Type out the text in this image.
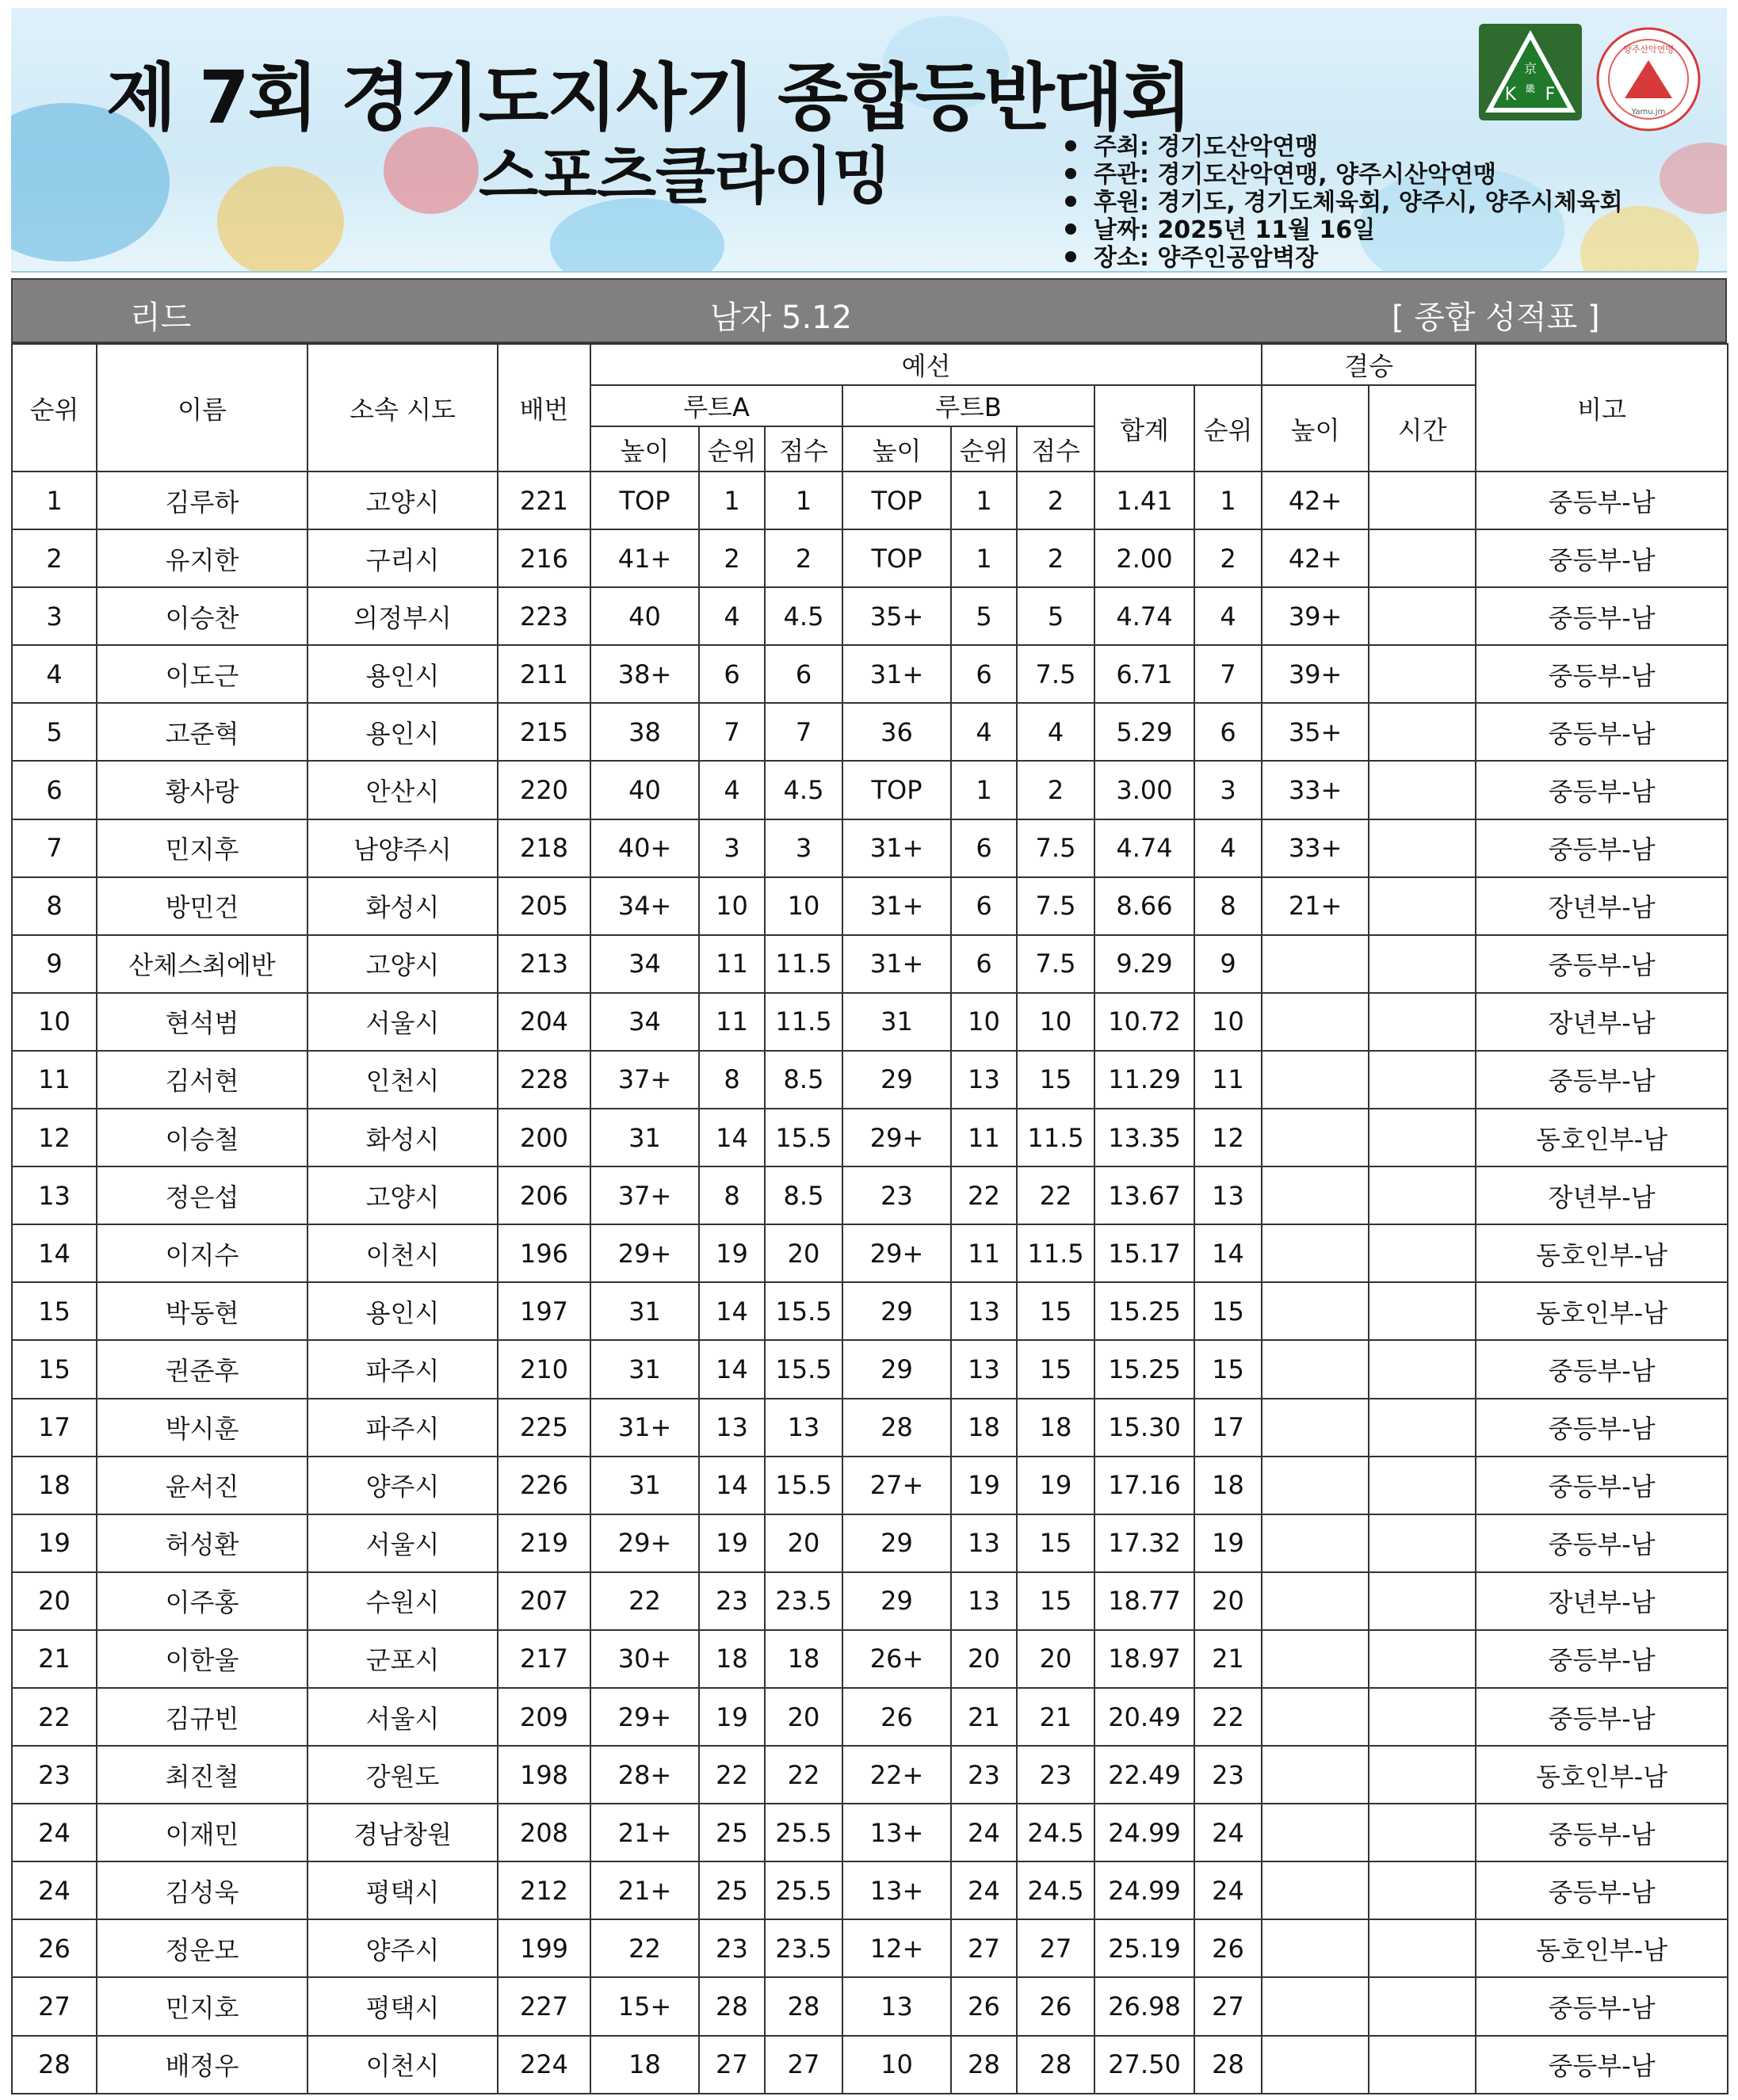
제 7회 경기도지사기 종합등반대회
스포츠클라이밍	주최: 경기도산악연맹
주관: 경기도산악연맹, 양주시산악연맹
후원: 경기도, 경기도체육회, 양주시, 양주시체육회
날짜: 2025년 11월 16일
장소: 양주인공암벽장
京
K 畿 F
양주산악연맹
Yamu.jm
리드	남자 5.12	[ 종합 성적표 ]
순위	이름	소속 시도	배번	예선								결승		비고
				루트A			루트B			합계	순위	높이	시간	
				높이	순위	점수	높이	순위	점수					
1	김루하	고양시	221	TOP	1	1	TOP	1	2	1.41	1	42+		중등부-남
2	유지한	구리시	216	41+	2	2	TOP	1	2	2.00	2	42+		중등부-남
3	이승찬	의정부시	223	40	4	4.5	35+	5	5	4.74	4	39+		중등부-남
4	이도근	용인시	211	38+	6	6	31+	6	7.5	6.71	7	39+		중등부-남
5	고준혁	용인시	215	38	7	7	36	4	4	5.29	6	35+		중등부-남
6	황사랑	안산시	220	40	4	4.5	TOP	1	2	3.00	3	33+		중등부-남
7	민지후	남양주시	218	40+	3	3	31+	6	7.5	4.74	4	33+		중등부-남
8	방민건	화성시	205	34+	10	10	31+	6	7.5	8.66	8	21+		장년부-남
9	산체스최에반	고양시	213	34	11	11.5	31+	6	7.5	9.29	9			중등부-남
10	현석범	서울시	204	34	11	11.5	31	10	10	10.72	10			장년부-남
11	김서현	인천시	228	37+	8	8.5	29	13	15	11.29	11			중등부-남
12	이승철	화성시	200	31	14	15.5	29+	11	11.5	13.35	12			동호인부-남
13	정은섭	고양시	206	37+	8	8.5	23	22	22	13.67	13			장년부-남
14	이지수	이천시	196	29+	19	20	29+	11	11.5	15.17	14			동호인부-남
15	박동현	용인시	197	31	14	15.5	29	13	15	15.25	15			동호인부-남
15	권준후	파주시	210	31	14	15.5	29	13	15	15.25	15			중등부-남
17	박시훈	파주시	225	31+	13	13	28	18	18	15.30	17			중등부-남
18	윤서진	양주시	226	31	14	15.5	27+	19	19	17.16	18			중등부-남
19	허성환	서울시	219	29+	19	20	29	13	15	17.32	19			중등부-남
20	이주홍	수원시	207	22	23	23.5	29	13	15	18.77	20			장년부-남
21	이한울	군포시	217	30+	18	18	26+	20	20	18.97	21			중등부-남
22	김규빈	서울시	209	29+	19	20	26	21	21	20.49	22			중등부-남
23	최진철	강원도	198	28+	22	22	22+	23	23	22.49	23			동호인부-남
24	이재민	경남창원	208	21+	25	25.5	13+	24	24.5	24.99	24			중등부-남
24	김성욱	평택시	212	21+	25	25.5	13+	24	24.5	24.99	24			중등부-남
26	정운모	양주시	199	22	23	23.5	12+	27	27	25.19	26			동호인부-남
27	민지호	평택시	227	15+	28	28	13	26	26	26.98	27			중등부-남
28	배정우	이천시	224	18	27	27	10	28	28	27.50	28			중등부-남
